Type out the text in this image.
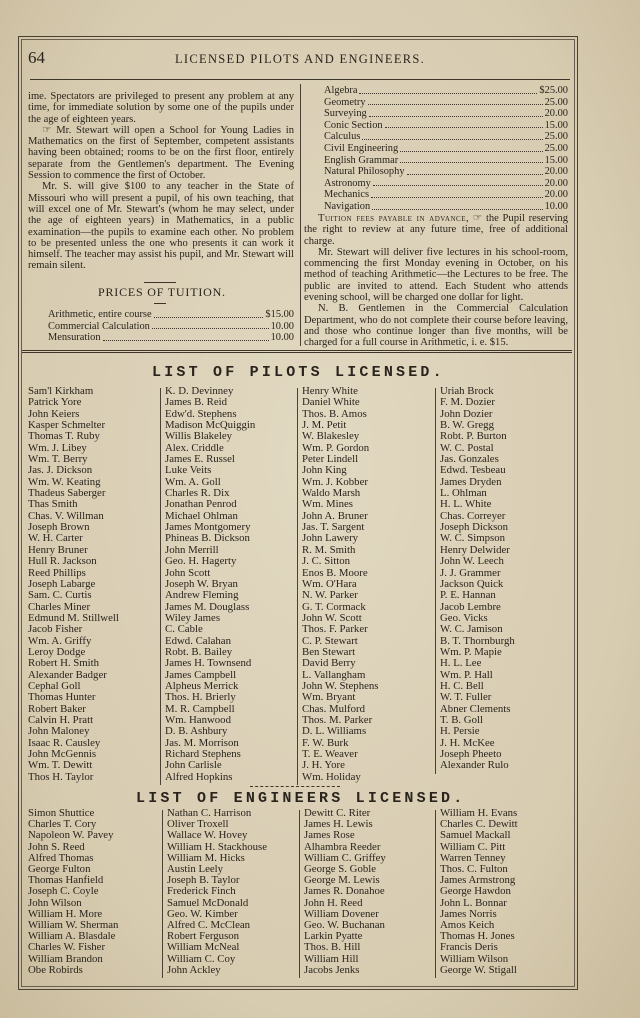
64	LICENSED PILOTS AND ENGINEERS.

ime. Spectators are privileged to present any problem at any time, for immediate solution by some one of the pupils under the age of eighteen years.

☞ Mr. Stewart will open a School for Young Ladies in Mathematics on the first of September, competent assistants having been obtained; rooms to be on the first floor, entirely separate from the Gentlemen's department. The Evening Session to commence the first of October.

Mr. S. will give $100 to any teacher in the State of Missouri who will present a pupil, of his own teaching, that will excel one of Mr. Stewart's (whom he may select, under the age of eighteen years) in Mathematics, in a public examination—the pupils to examine each other. No problem to be presented unless the one who presents it can work it himself. The teacher may assist his pupil, and Mr. Stewart will remain silent.

PRICES OF TUITION.
Arithmetic, entire course	$15.00
Commercial Calculation	10.00
Mensuration	10.00
Algebra	$25.00
Geometry	25.00
Surveying	20.00
Conic Section	15.00
Calculus	25.00
Civil Engineering	25.00
English Grammar	15.00
Natural Philosophy	20.00
Astronomy	20.00
Mechanics	20.00
Navigation	10.00

Tuition fees payable in advance, ☞ the Pupil reserving the right to review at any future time, free of additional charge.

Mr. Stewart will deliver five lectures in his school-room, commencing the first Monday evening in October, on his method of teaching Arithmetic—the Lectures to be free. The public are invited to attend. Each Student who attends evening school, will be charged one dollar for light.

N. B. Gentlemen in the Commercial Calculation Department, who do not complete their course before leaving, and those who continue longer than five months, will be charged for a full course in Arithmetic, i. e. $15.

LIST OF PILOTS LICENSED.
Sam'l Kirkham
Patrick Yore
John Keiers
Kasper Schmelter
Thomas T. Ruby
Wm. J. Libey
Wm. T. Berry
Jas. J. Dickson
Wm. W. Keating
Thadeus Saberger
Thas Smith
Chas. V. Willman
Joseph Brown
W. H. Carter
Henry Bruner
Hull R. Jackson
Reed Phillips
Joseph Labarge
Sam. C. Curtis
Charles Miner
Edmund M. Stillwell
Jacob Fisher
Wm. A. Griffy
Leroy Dodge
Robert H. Smith
Alexander Badger
Cephal Goll
Thomas Hunter
Robert Baker
Calvin H. Pratt
John Maloney
Isaac R. Causley
John McGennis
Wm. T. Dewitt
Thos H. Taylor
K. D. Devinney
James B. Reid
Edw'd. Stephens
Madison McQuiggin
Willis Blakeley
Alex. Criddle
James E. Russel
Luke Veits
Wm. A. Goll
Charles R. Dix
Jonathan Penrod
Michael Ohlman
James Montgomery
Phineas B. Dickson
John Merrill
Geo. H. Hagerty
John Scott
Joseph W. Bryan
Andrew Fleming
James M. Douglass
Wiley James
C. Cable
Edwd. Calahan
Robt. B. Bailey
James H. Townsend
James Campbell
Alpheus Merrick
Thos. H. Brierly
M. R. Campbell
Wm. Hanwood
D. B. Ashbury
Jas. M. Morrison
Richard Stephens
John Carlisle
Alfred Hopkins
Henry White
Daniel White
Thos. B. Amos
J. M. Petit
W. Blakesley
Wm. P. Gordon
Peter Lindell
John King
Wm. J. Kobber
Waldo Marsh
Wm. Mines
John A. Bruner
Jas. T. Sargent
John Lawery
R. M. Smith
J. C. Sitton
Enos B. Moore
Wm. O'Hara
N. W. Parker
G. T. Cormack
John W. Scott
Thos. F. Parker
C. P. Stewart
Ben Stewart
David Berry
L. Vallangham
John W. Stephens
Wm. Bryant
Chas. Mulford
Thos. M. Parker
D. L. Williams
F. W. Burk
T. E. Weaver
J. H. Yore
Wm. Holiday
Uriah Brock
F. M. Dozier
John Dozier
B. W. Gregg
Robt. P. Burton
W. C. Postal
Jas. Gonzales
Edwd. Tesbeau
James Dryden
L. Ohlman
H. L. White
Chas. Correyer
Joseph Dickson
W. C. Simpson
Henry Delwider
John W. Leech
J. J. Grammer
Jackson Quick
P. E. Hannan
Jacob Lembre
Geo. Vicks
W. C. Jamison
B. T. Thornburgh
Wm. P. Mapie
H. L. Lee
Wm. P. Hall
H. C. Bell
W. T. Fuller
Abner Clements
T. B. Goll
H. Persie
J. H. McKee
Joseph Pheeto
Alexander Rulo
LIST OF ENGINEERS LICENSED.
Simon Shuttice
Charles T. Cory
Napoleon W. Pavey
John S. Reed
Alfred Thomas
George Fulton
Thomas Hanfield
Joseph C. Coyle
John Wilson
William H. More
William W. Sherman
William A. Blasdale
Charles W. Fisher
William Brandon
Obe Robirds
Nathan C. Harrison
Oliver Troxell
Wallace W. Hovey
William H. Stackhouse
William M. Hicks
Austin Leely
Joseph B. Taylor
Frederick Finch
Samuel McDonald
Geo. W. Kimber
Alfred C. McClean
Robert Ferguson
William McNeal
William C. Coy
John Ackley
Dewitt C. Riter
James H. Lewis
James Rose
Alhambra Reeder
William C. Griffey
George S. Goble
George M. Lewis
James R. Donahoe
John H. Reed
William Dovener
Geo. W. Buchanan
Larkin Pyatte
Thos. B. Hill
William Hill
Jacobs Jenks
William H. Evans
Charles C. Dewitt
Samuel Mackall
William C. Pitt
Warren Tenney
Thos. C. Fulton
James Armstrong
George Hawdon
John L. Bonnar
James Norris
Amos Keich
Thomas H. Jones
Francis Deris
William Wilson
George W. Stigall
